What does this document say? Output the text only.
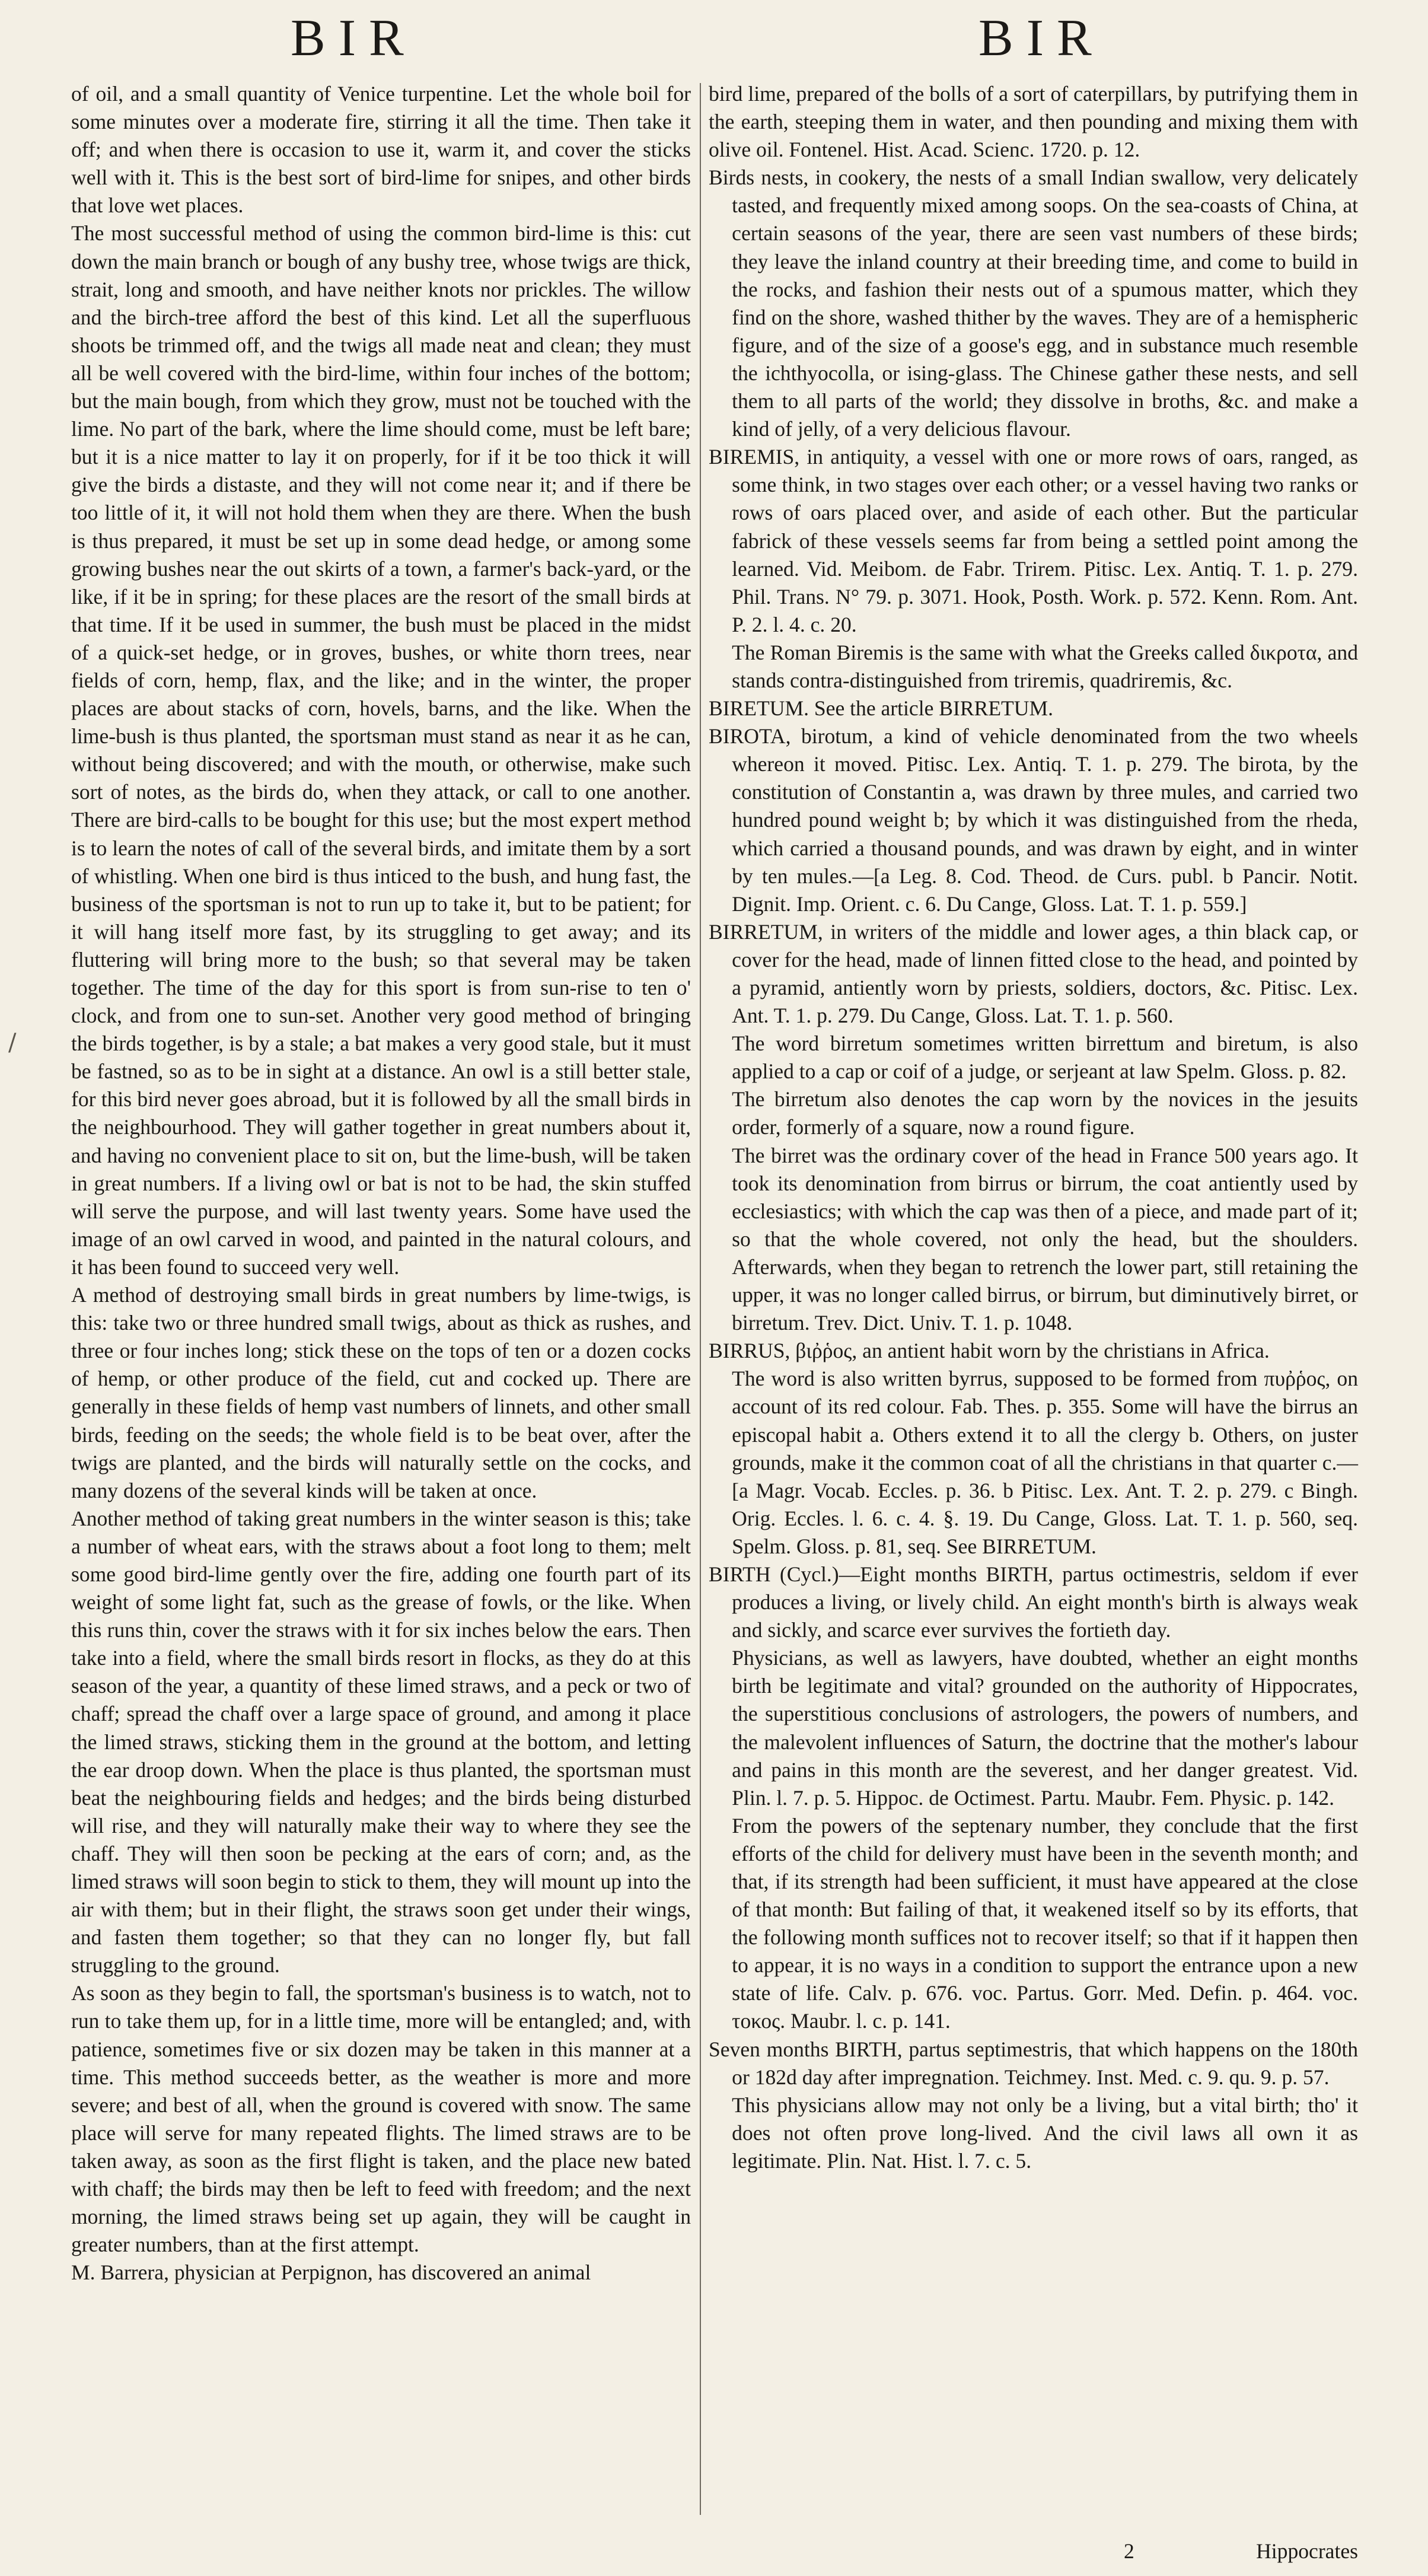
BIR	BIR
/

of oil, and a small quantity of Venice turpentine. Let the whole boil for some minutes over a moderate fire, stirring it all the time. Then take it off; and when there is occasion to use it, warm it, and cover the sticks well with it. This is the best sort of bird-lime for snipes, and other birds that love wet places.

The most successful method of using the common bird-lime is this: cut down the main branch or bough of any bushy tree, whose twigs are thick, strait, long and smooth, and have neither knots nor prickles. The willow and the birch-tree afford the best of this kind. Let all the superfluous shoots be trimmed off, and the twigs all made neat and clean; they must all be well covered with the bird-lime, within four inches of the bottom; but the main bough, from which they grow, must not be touched with the lime. No part of the bark, where the lime should come, must be left bare; but it is a nice matter to lay it on properly, for if it be too thick it will give the birds a distaste, and they will not come near it; and if there be too little of it, it will not hold them when they are there. When the bush is thus prepared, it must be set up in some dead hedge, or among some growing bushes near the out skirts of a town, a farmer's back-yard, or the like, if it be in spring; for these places are the resort of the small birds at that time. If it be used in summer, the bush must be placed in the midst of a quick-set hedge, or in groves, bushes, or white thorn trees, near fields of corn, hemp, flax, and the like; and in the winter, the proper places are about stacks of corn, hovels, barns, and the like. When the lime-bush is thus planted, the sportsman must stand as near it as he can, without being discovered; and with the mouth, or otherwise, make such sort of notes, as the birds do, when they attack, or call to one another. There are bird-calls to be bought for this use; but the most expert method is to learn the notes of call of the several birds, and imitate them by a sort of whistling. When one bird is thus inticed to the bush, and hung fast, the business of the sportsman is not to run up to take it, but to be patient; for it will hang itself more fast, by its struggling to get away; and its fluttering will bring more to the bush; so that several may be taken together. The time of the day for this sport is from sun-rise to ten o' clock, and from one to sun-set. Another very good method of bringing the birds together, is by a stale; a bat makes a very good stale, but it must be fastned, so as to be in sight at a distance. An owl is a still better stale, for this bird never goes abroad, but it is followed by all the small birds in the neighbourhood. They will gather together in great numbers about it, and having no convenient place to sit on, but the lime-bush, will be taken in great numbers. If a living owl or bat is not to be had, the skin stuffed will serve the purpose, and will last twenty years. Some have used the image of an owl carved in wood, and painted in the natural colours, and it has been found to succeed very well.

A method of destroying small birds in great numbers by lime-twigs, is this: take two or three hundred small twigs, about as thick as rushes, and three or four inches long; stick these on the tops of ten or a dozen cocks of hemp, or other produce of the field, cut and cocked up. There are generally in these fields of hemp vast numbers of linnets, and other small birds, feeding on the seeds; the whole field is to be beat over, after the twigs are planted, and the birds will naturally settle on the cocks, and many dozens of the several kinds will be taken at once.

Another method of taking great numbers in the winter season is this; take a number of wheat ears, with the straws about a foot long to them; melt some good bird-lime gently over the fire, adding one fourth part of its weight of some light fat, such as the grease of fowls, or the like. When this runs thin, cover the straws with it for six inches below the ears. Then take into a field, where the small birds resort in flocks, as they do at this season of the year, a quantity of these limed straws, and a peck or two of chaff; spread the chaff over a large space of ground, and among it place the limed straws, sticking them in the ground at the bottom, and letting the ear droop down. When the place is thus planted, the sportsman must beat the neighbouring fields and hedges; and the birds being disturbed will rise, and they will naturally make their way to where they see the chaff. They will then soon be pecking at the ears of corn; and, as the limed straws will soon begin to stick to them, they will mount up into the air with them; but in their flight, the straws soon get under their wings, and fasten them together; so that they can no longer fly, but fall struggling to the ground.

As soon as they begin to fall, the sportsman's business is to watch, not to run to take them up, for in a little time, more will be entangled; and, with patience, sometimes five or six dozen may be taken in this manner at a time. This method succeeds better, as the weather is more and more severe; and best of all, when the ground is covered with snow. The same place will serve for many repeated flights. The limed straws are to be taken away, as soon as the first flight is taken, and the place new bated with chaff; the birds may then be left to feed with freedom; and the next morning, the limed straws being set up again, they will be caught in greater numbers, than at the first attempt.

M. Barrera, physician at Perpignon, has discovered an animal

bird lime, prepared of the bolls of a sort of caterpillars, by putrifying them in the earth, steeping them in water, and then pounding and mixing them with olive oil. Fontenel. Hist. Acad. Scienc. 1720. p. 12.

Birds nests, in cookery, the nests of a small Indian swallow, very delicately tasted, and frequently mixed among soops. On the sea-coasts of China, at certain seasons of the year, there are seen vast numbers of these birds; they leave the inland country at their breeding time, and come to build in the rocks, and fashion their nests out of a spumous matter, which they find on the shore, washed thither by the waves. They are of a hemispheric figure, and of the size of a goose's egg, and in substance much resemble the ichthyocolla, or ising-glass. The Chinese gather these nests, and sell them to all parts of the world; they dissolve in broths, &c. and make a kind of jelly, of a very delicious flavour.

BIREMIS, in antiquity, a vessel with one or more rows of oars, ranged, as some think, in two stages over each other; or a vessel having two ranks or rows of oars placed over, and aside of each other. But the particular fabrick of these vessels seems far from being a settled point among the learned. Vid. Meibom. de Fabr. Trirem. Pitisc. Lex. Antiq. T. 1. p. 279. Phil. Trans. N° 79. p. 3071. Hook, Posth. Work. p. 572. Kenn. Rom. Ant. P. 2. l. 4. c. 20.

The Roman Biremis is the same with what the Greeks called δικροτα, and stands contra-distinguished from triremis, quadriremis, &c.

BIRETUM. See the article BIRRETUM.

BIROTA, birotum, a kind of vehicle denominated from the two wheels whereon it moved. Pitisc. Lex. Antiq. T. 1. p. 279. The birota, by the constitution of Constantin a, was drawn by three mules, and carried two hundred pound weight b; by which it was distinguished from the rheda, which carried a thousand pounds, and was drawn by eight, and in winter by ten mules.—[a Leg. 8. Cod. Theod. de Curs. publ. b Pancir. Notit. Dignit. Imp. Orient. c. 6. Du Cange, Gloss. Lat. T. 1. p. 559.]

BIRRETUM, in writers of the middle and lower ages, a thin black cap, or cover for the head, made of linnen fitted close to the head, and pointed by a pyramid, antiently worn by priests, soldiers, doctors, &c. Pitisc. Lex. Ant. T. 1. p. 279. Du Cange, Gloss. Lat. T. 1. p. 560.

The word birretum sometimes written birrettum and biretum, is also applied to a cap or coif of a judge, or serjeant at law Spelm. Gloss. p. 82.

The birretum also denotes the cap worn by the novices in the jesuits order, formerly of a square, now a round figure.

The birret was the ordinary cover of the head in France 500 years ago. It took its denomination from birrus or birrum, the coat antiently used by ecclesiastics; with which the cap was then of a piece, and made part of it; so that the whole covered, not only the head, but the shoulders. Afterwards, when they began to retrench the lower part, still retaining the upper, it was no longer called birrus, or birrum, but diminutively birret, or birretum. Trev. Dict. Univ. T. 1. p. 1048.

BIRRUS, βιῤῥος, an antient habit worn by the christians in Africa.

The word is also written byrrus, supposed to be formed from πυῤῥος, on account of its red colour. Fab. Thes. p. 355. Some will have the birrus an episcopal habit a. Others extend it to all the clergy b. Others, on juster grounds, make it the common coat of all the christians in that quarter c.—[a Magr. Vocab. Eccles. p. 36. b Pitisc. Lex. Ant. T. 2. p. 279. c Bingh. Orig. Eccles. l. 6. c. 4. §. 19. Du Cange, Gloss. Lat. T. 1. p. 560, seq. Spelm. Gloss. p. 81, seq. See BIRRETUM.

BIRTH (Cycl.)—Eight months BIRTH, partus octimestris, seldom if ever produces a living, or lively child. An eight month's birth is always weak and sickly, and scarce ever survives the fortieth day.

Physicians, as well as lawyers, have doubted, whether an eight months birth be legitimate and vital? grounded on the authority of Hippocrates, the superstitious conclusions of astrologers, the powers of numbers, and the malevolent influences of Saturn, the doctrine that the mother's labour and pains in this month are the severest, and her danger greatest. Vid. Plin. l. 7. p. 5. Hippoc. de Octimest. Partu. Maubr. Fem. Physic. p. 142.

From the powers of the septenary number, they conclude that the first efforts of the child for delivery must have been in the seventh month; and that, if its strength had been sufficient, it must have appeared at the close of that month: But failing of that, it weakened itself so by its efforts, that the following month suffices not to recover itself; so that if it happen then to appear, it is no ways in a condition to support the entrance upon a new state of life. Calv. p. 676. voc. Partus. Gorr. Med. Defin. p. 464. voc. τοκος. Maubr. l. c. p. 141.

Seven months BIRTH, partus septimestris, that which happens on the 180th or 182d day after impregnation. Teichmey. Inst. Med. c. 9. qu. 9. p. 57.

This physicians allow may not only be a living, but a vital birth; tho' it does not often prove long-lived. And the civil laws all own it as legitimate. Plin. Nat. Hist. l. 7. c. 5.

2	Hippocrates
